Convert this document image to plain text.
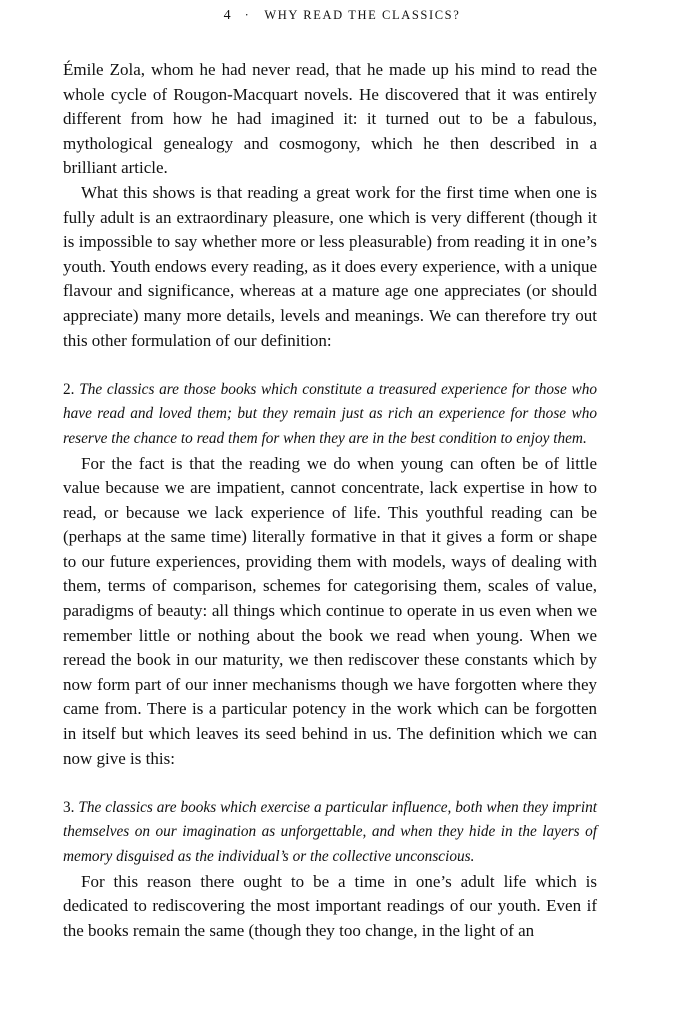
4 · WHY READ THE CLASSICS?

Émile Zola, whom he had never read, that he made up his mind to read the whole cycle of Rougon-Macquart novels. He discovered that it was entirely different from how he had imagined it: it turned out to be a fabulous, mythological genealogy and cosmogony, which he then described in a brilliant article.

What this shows is that reading a great work for the first time when one is fully adult is an extraordinary pleasure, one which is very different (though it is impossible to say whether more or less pleasurable) from reading it in one’s youth. Youth endows every reading, as it does every experience, with a unique flavour and significance, whereas at a mature age one appreciates (or should appreciate) many more details, levels and meanings. We can therefore try out this other formulation of our definition:

2. The classics are those books which constitute a treasured experience for those who have read and loved them; but they remain just as rich an experience for those who reserve the chance to read them for when they are in the best condition to enjoy them.

For the fact is that the reading we do when young can often be of little value because we are impatient, cannot concentrate, lack expertise in how to read, or because we lack experience of life. This youthful reading can be (perhaps at the same time) literally formative in that it gives a form or shape to our future experiences, providing them with models, ways of dealing with them, terms of comparison, schemes for categorising them, scales of value, paradigms of beauty: all things which continue to operate in us even when we remember little or nothing about the book we read when young. When we reread the book in our maturity, we then rediscover these constants which by now form part of our inner mechanisms though we have forgotten where they came from. There is a particular potency in the work which can be forgotten in itself but which leaves its seed behind in us. The definition which we can now give is this:

3. The classics are books which exercise a particular influence, both when they imprint themselves on our imagination as unforgettable, and when they hide in the layers of memory disguised as the individual’s or the collective unconscious.

For this reason there ought to be a time in one’s adult life which is dedicated to rediscovering the most important readings of our youth. Even if the books remain the same (though they too change, in the light of an
